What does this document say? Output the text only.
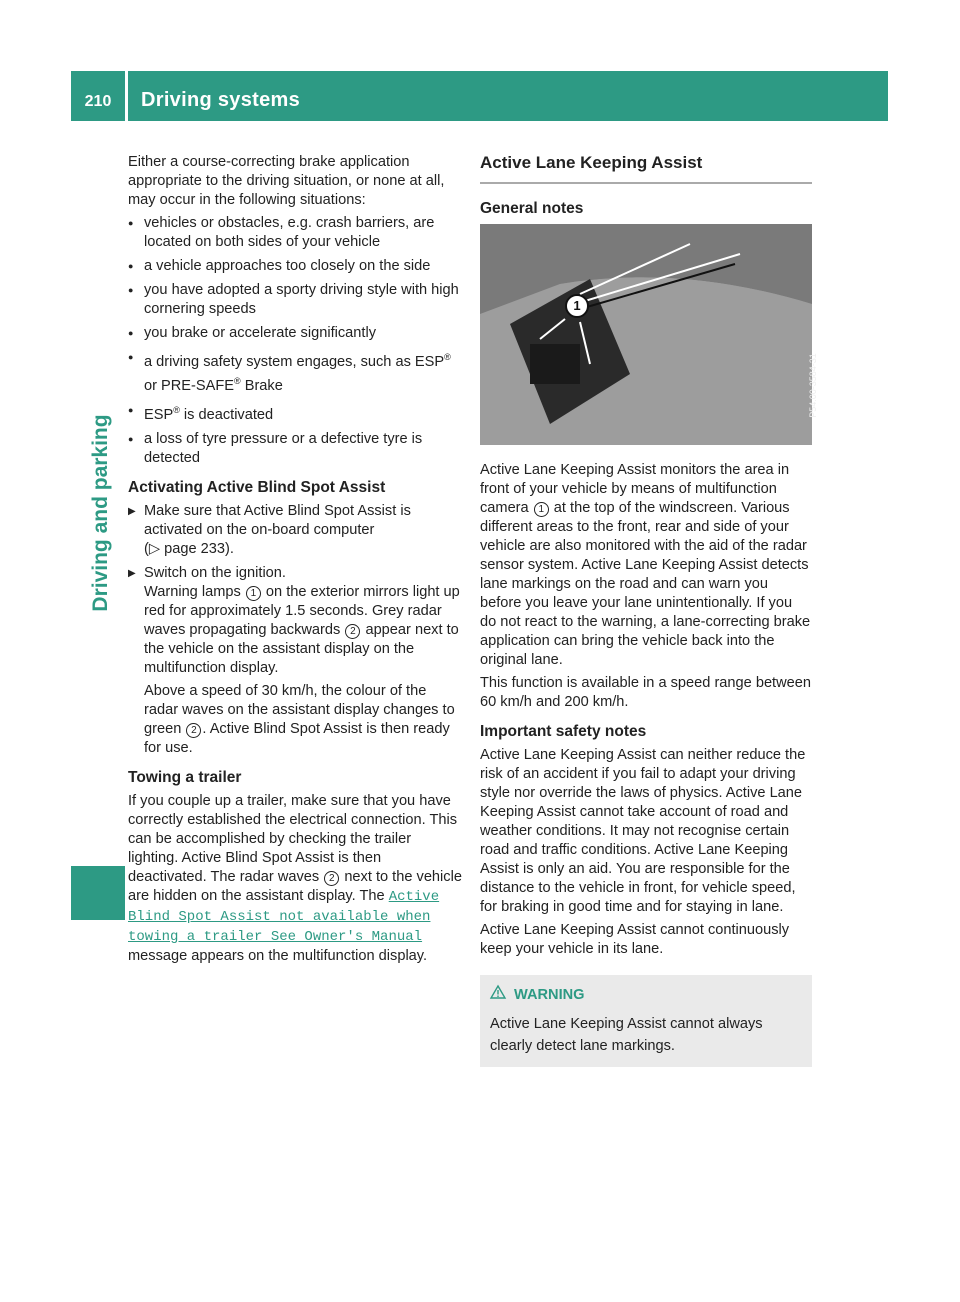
210	Driving systems
Driving and parking

Either a course-correcting brake application appropriate to the driving situation, or none at all, may occur in the following situations:

● vehicles or obstacles, e.g. crash barriers, are located on both sides of your vehicle
● a vehicle approaches too closely on the side
● you have adopted a sporty driving style with high cornering speeds
● you brake or accelerate significantly
● a driving safety system engages, such as ESP® or PRE-SAFE® Brake
● ESP® is deactivated
● a loss of tyre pressure or a defective tyre is detected
Activating Active Blind Spot Assist
▶ Make sure that Active Blind Spot Assist is activated on the on-board computer
(▷ page 233).
▶ Switch on the ignition.
Warning lamps 1 on the exterior mirrors light up red for approximately 1.5 seconds. Grey radar waves propagating backwards 2 appear next to the vehicle on the assistant display on the multifunction display.
Above a speed of 30 km/h, the colour of the radar waves on the assistant display changes to green 2 . Active Blind Spot Assist is then ready for use.
Towing a trailer

If you couple up a trailer, make sure that you have correctly established the electrical connection. This can be accomplished by checking the trailer lighting. Active Blind Spot Assist is then deactivated. The radar waves 2 next to the vehicle are hidden on the assistant display. The Active Blind Spot Assist not available when towing a trailer See Owner's Manual message appears on the multifunction display.

Active Lane Keeping Assist
General notes
1
P54.00-3584-31

Active Lane Keeping Assist monitors the area in front of your vehicle by means of multifunction camera 1 at the top of the windscreen. Various different areas to the front, rear and side of your vehicle are also monitored with the aid of the radar sensor system. Active Lane Keeping Assist detects lane markings on the road and can warn you before you leave your lane unintentionally. If you do not react to the warning, a lane-correcting brake application can bring the vehicle back into the original lane.

This function is available in a speed range between 60 km/h and 200 km/h.

Important safety notes

Active Lane Keeping Assist can neither reduce the risk of an accident if you fail to adapt your driving style nor override the laws of physics. Active Lane Keeping Assist cannot take account of road and weather conditions. It may not recognise certain road and traffic conditions. Active Lane Keeping Assist is only an aid. You are responsible for the distance to the vehicle in front, for vehicle speed, for braking in good time and for staying in lane.

Active Lane Keeping Assist cannot continuously keep your vehicle in its lane.

WARNING

Active Lane Keeping Assist cannot always clearly detect lane markings.
